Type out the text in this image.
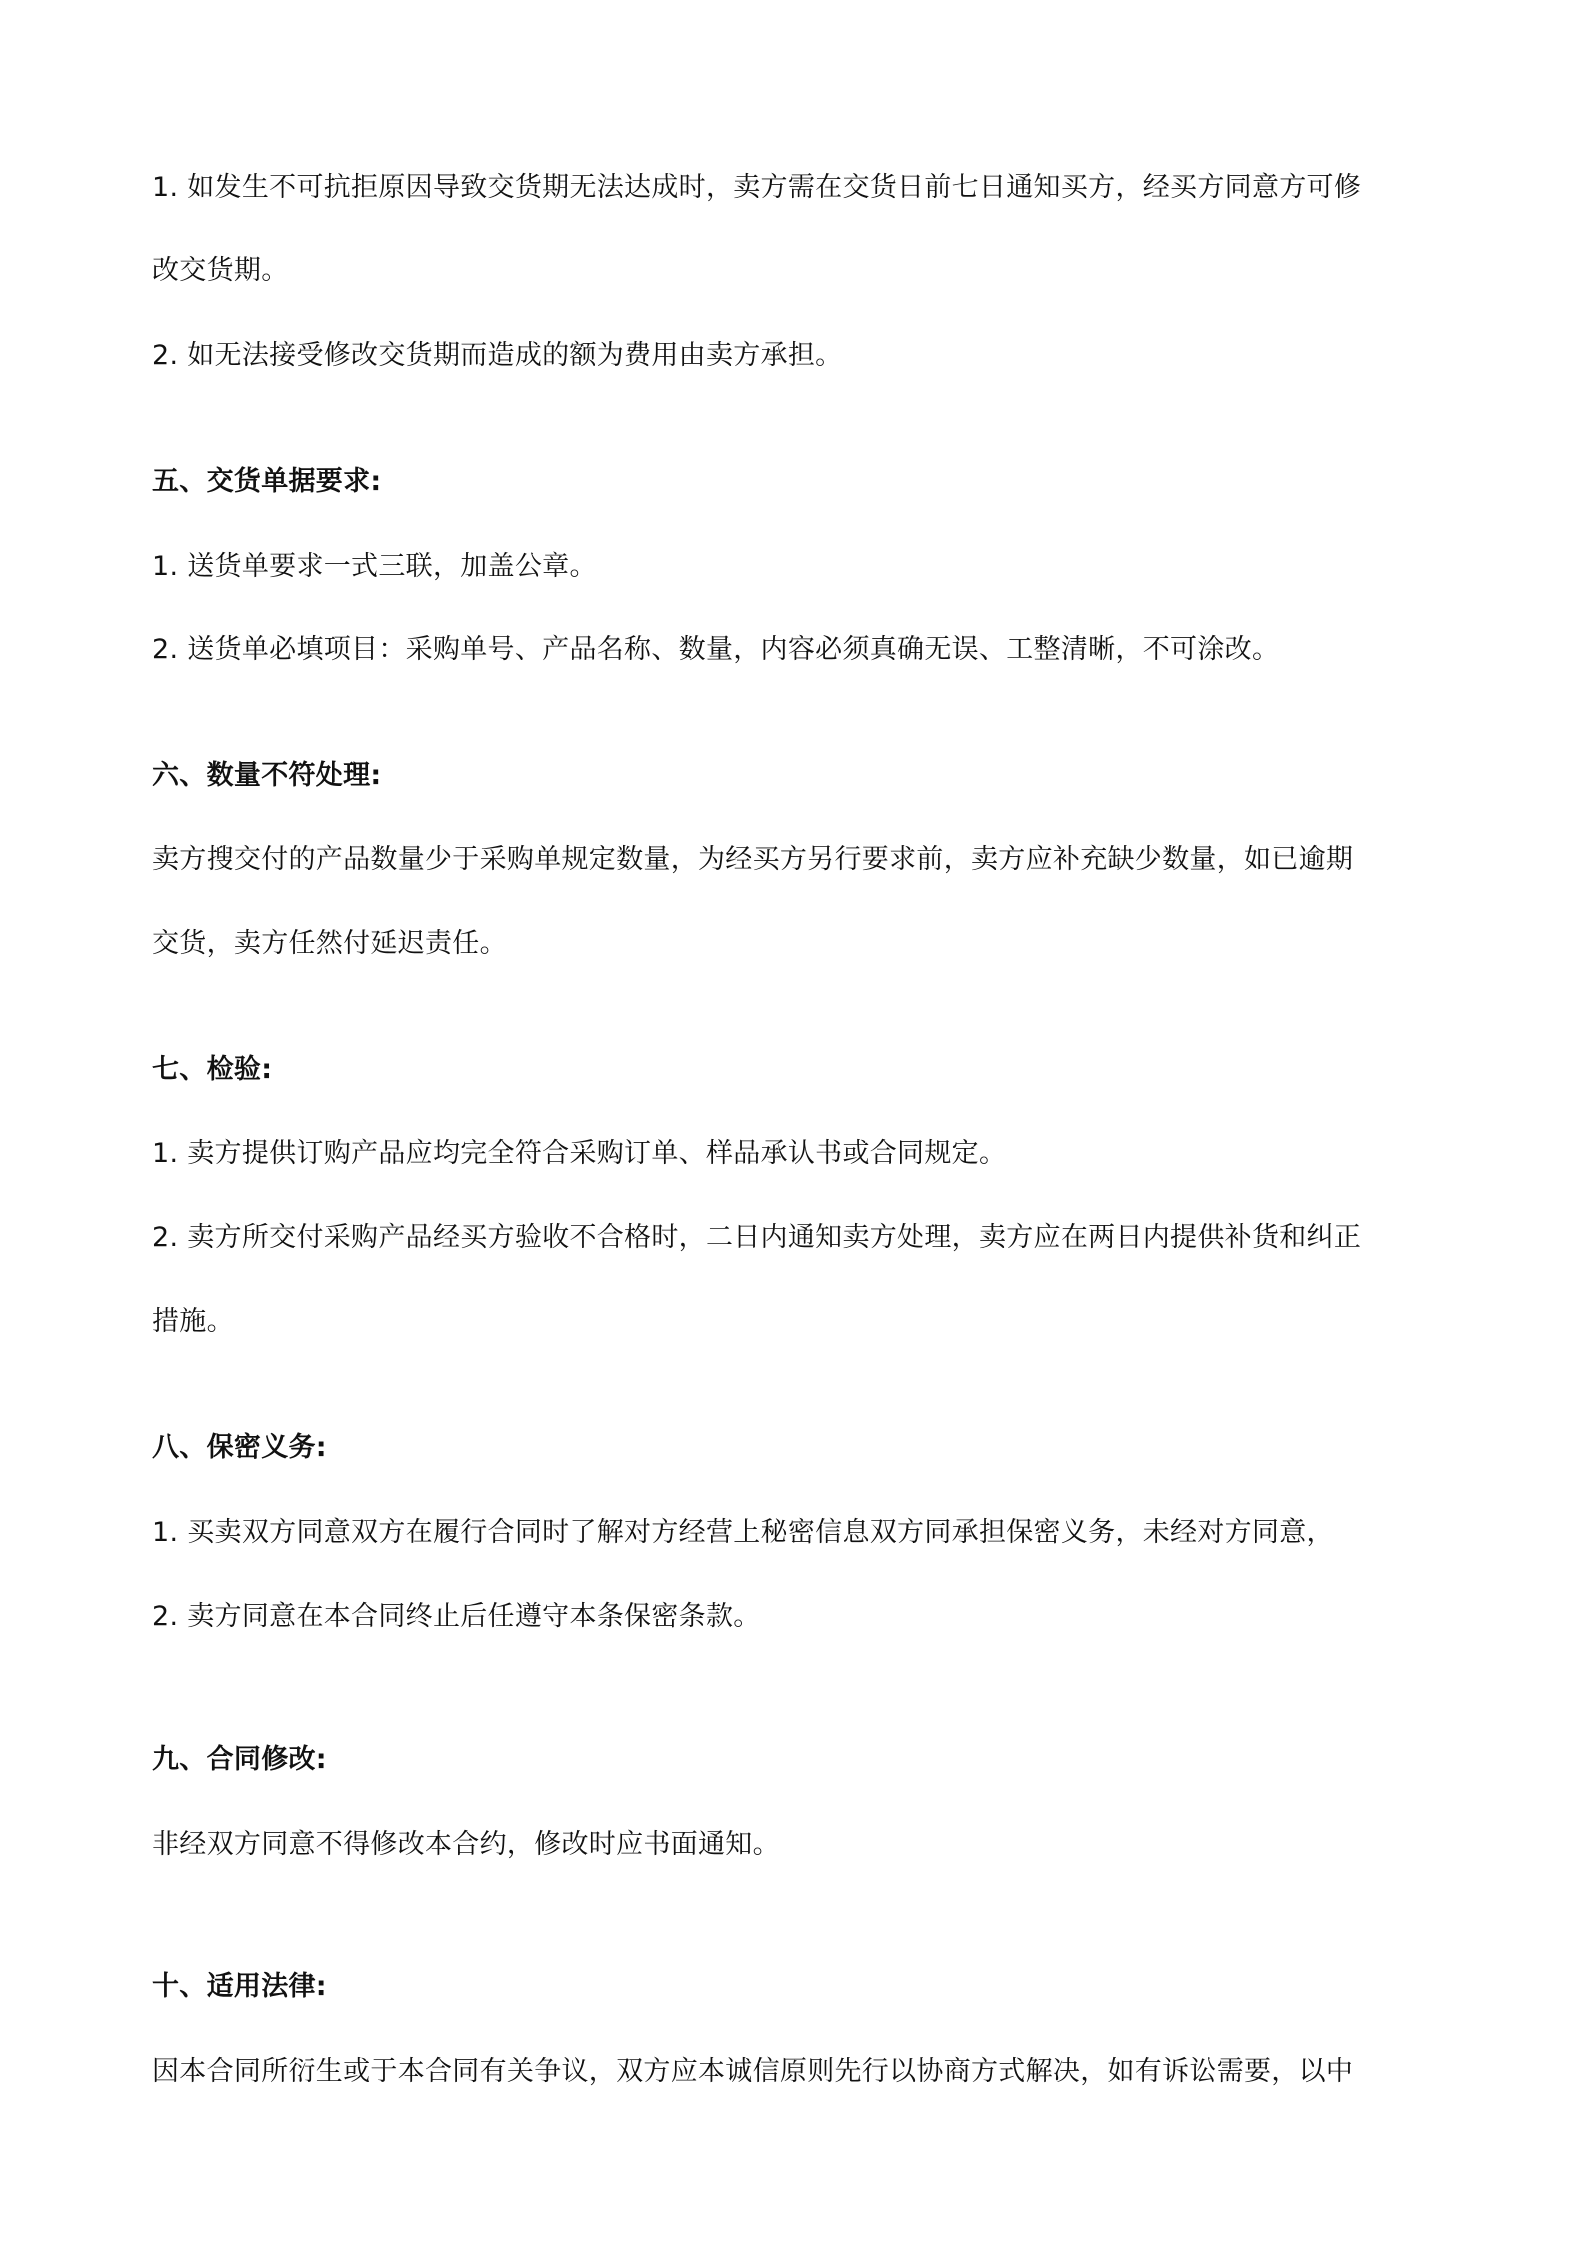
1. 如发生不可抗拒原因导致交货期无法达成时，卖方需在交货日前七日通知买方，经买方同意方可修
改交货期。
2. 如无法接受修改交货期而造成的额为费用由卖方承担。
五、交货单据要求:
1. 送货单要求一式三联，加盖公章。
2. 送货单必填项目：采购单号、产品名称、数量，内容必须真确无误、工整清晰，不可涂改。
六、数量不符处理:
卖方搜交付的产品数量少于采购单规定数量，为经买方另行要求前，卖方应补充缺少数量，如已逾期
交货，卖方任然付延迟责任。
七、检验:
1. 卖方提供订购产品应均完全符合采购订单、样品承认书或合同规定。
2. 卖方所交付采购产品经买方验收不合格时，二日内通知卖方处理，卖方应在两日内提供补货和纠正
措施。
八、保密义务:
1. 买卖双方同意双方在履行合同时了解对方经营上秘密信息双方同承担保密义务，未经对方同意，
2. 卖方同意在本合同终止后任遵守本条保密条款。
九、合同修改:
非经双方同意不得修改本合约，修改时应书面通知。
十、适用法律:
因本合同所衍生或于本合同有关争议，双方应本诚信原则先行以协商方式解决，如有诉讼需要，以中
